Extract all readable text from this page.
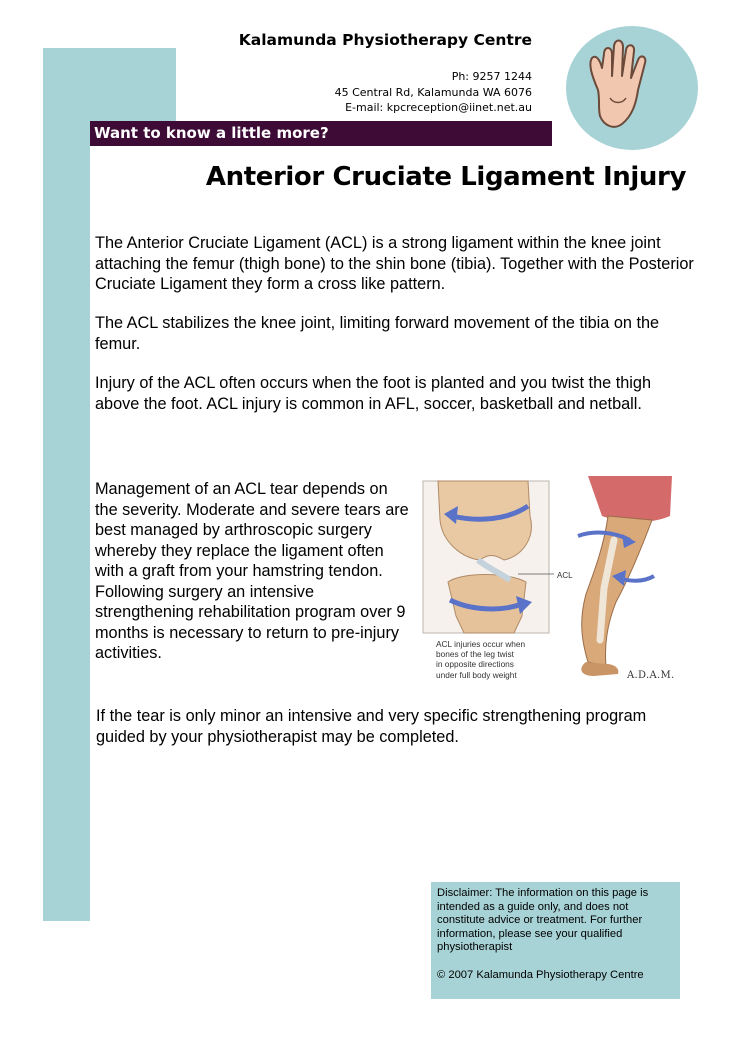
Kalamunda Physiotherapy Centre
Ph: 9257 1244
45 Central Rd, Kalamunda WA 6076
E-mail: kpcreception@iinet.net.au
Want to know a little more?
Anterior Cruciate Ligament Injury

The Anterior Cruciate Ligament (ACL) is a strong ligament within the knee joint attaching the femur (thigh bone) to the shin bone (tibia). Together with the Posterior Cruciate Ligament they form a cross like pattern.

The ACL stabilizes the knee joint, limiting forward movement of the tibia on the femur.

Injury of the ACL often occurs when the foot is planted and you twist the thigh above the foot. ACL injury is common in AFL, soccer, basketball and netball.

Management of an ACL tear depends on the severity. Moderate and severe tears are best managed by arthroscopic surgery whereby they replace the ligament often with a graft from your hamstring tendon. Following surgery an intensive strengthening rehabilitation program over 9 months is necessary to return to pre-injury activities.

ACL
ACL injuries occur when
bones of the leg twist
in opposite directions
under full body weight	A.D.A.M.

If the tear is only minor an intensive and very specific strengthening program guided by your physiotherapist may be completed.

Disclaimer: The information on this page is intended as a guide only, and does not constitute advice or treatment. For further information, please see your qualified physiotherapist
© 2007 Kalamunda Physiotherapy Centre
